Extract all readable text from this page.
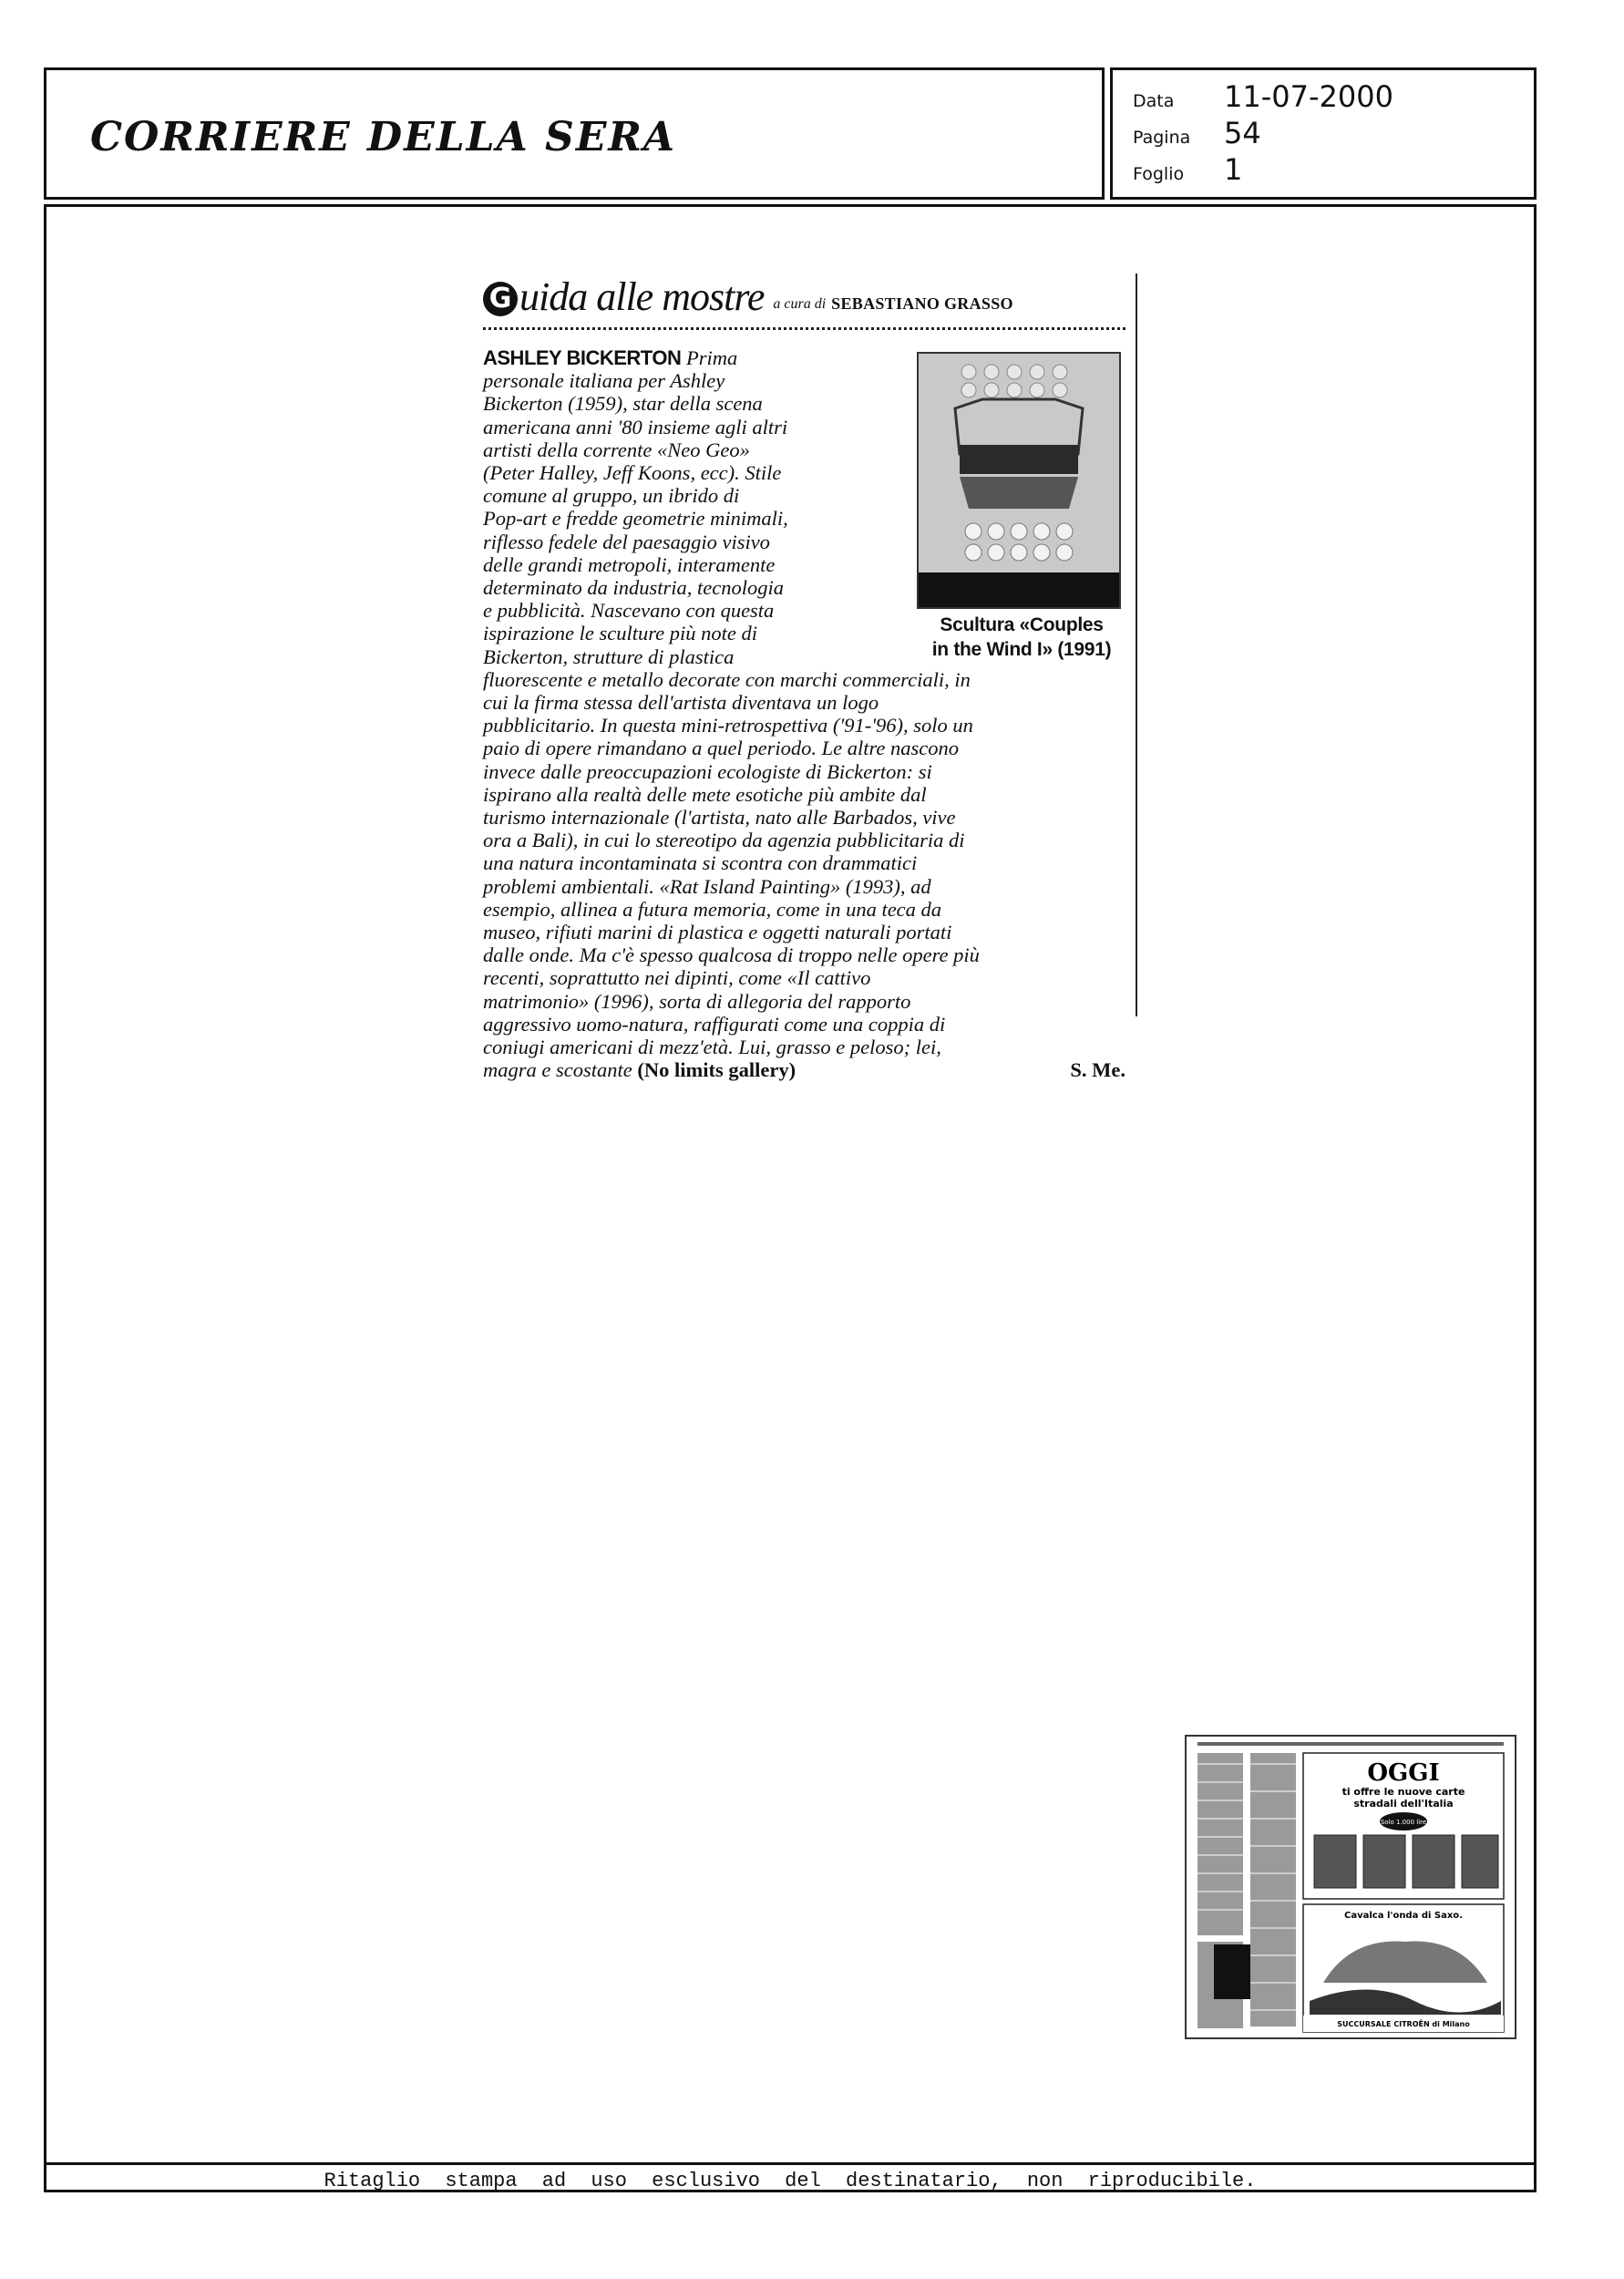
CORRIERE DELLA SERA
Data	11-07-2000
Pagina	54
Foglio	1
Ritaglio stampa ad uso esclusivo del destinatario, non riproducibile.
G uida alle mostre a cura di SEBASTIANO GRASSO
Scultura «Couples
in the Wind I» (1991)
ASHLEY BICKERTON Prima
personale italiana per Ashley
Bickerton (1959), star della scena
americana anni '80 insieme agli altri
artisti della corrente «Neo Geo»
(Peter Halley, Jeff Koons, ecc). Stile
comune al gruppo, un ibrido di
Pop-art e fredde geometrie minimali,
riflesso fedele del paesaggio visivo
delle grandi metropoli, interamente
determinato da industria, tecnologia
e pubblicità. Nascevano con questa
ispirazione le sculture più note di
Bickerton, strutture di plastica
fluorescente e metallo decorate con marchi commerciali, in
cui la firma stessa dell'artista diventava un logo
pubblicitario. In questa mini-retrospettiva ('91-'96), solo un
paio di opere rimandano a quel periodo. Le altre nascono
invece dalle preoccupazioni ecologiste di Bickerton: si
ispirano alla realtà delle mete esotiche più ambite dal
turismo internazionale (l'artista, nato alle Barbados, vive
ora a Bali), in cui lo stereotipo da agenzia pubblicitaria di
una natura incontaminata si scontra con drammatici
problemi ambientali. «Rat Island Painting» (1993), ad
esempio, allinea a futura memoria, come in una teca da
museo, rifiuti marini di plastica e oggetti naturali portati
dalle onde. Ma c'è spesso qualcosa di troppo nelle opere più
recenti, soprattutto nei dipinti, come «Il cattivo
matrimonio» (1996), sorta di allegoria del rapporto
aggressivo uomo-natura, raffigurati come una coppia di
coniugi americani di mezz'età. Lui, grasso e peloso; lei,
magra e scostante (No limits gallery)	S. Me.
OGGI
ti offre le nuove carte
stradali dell'Italia
Solo 1.000 lire
Cavalca l'onda di Saxo.
SUCCURSALE CITROËN di Milano
